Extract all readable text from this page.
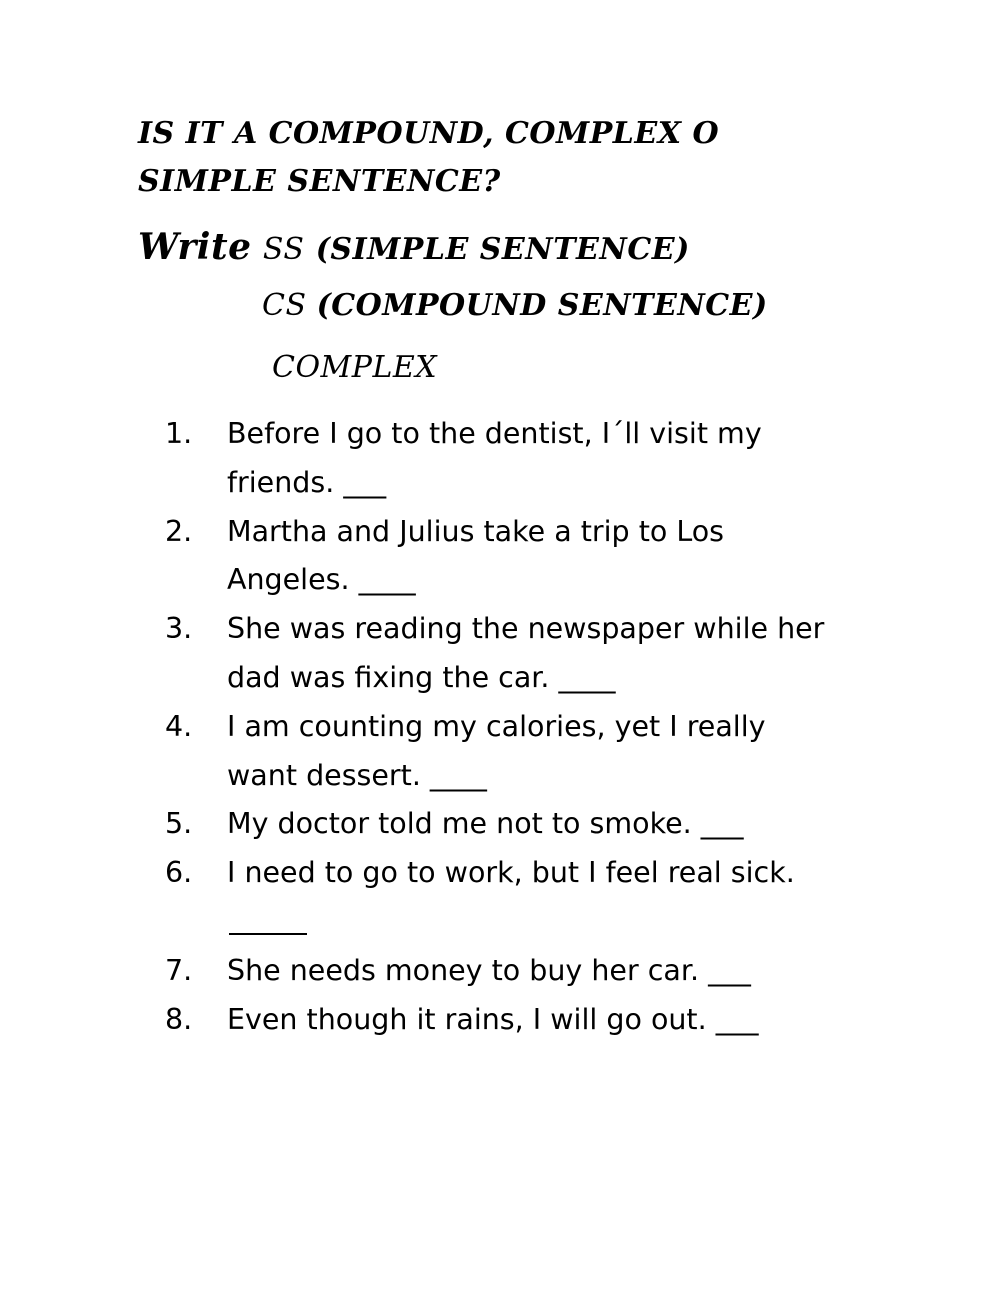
IS IT A COMPOUND, COMPLEX O
SIMPLE SENTENCE?
Write SS (SIMPLE SENTENCE)
CS (COMPOUND SENTENCE)
COMPLEX
1.	Before I go to the dentist, I´ll visit my
friends. ___
2.	Martha and Julius take a trip to Los
Angeles. ____
3.	She was reading the newspaper while her
dad was fixing the car. ____
4.	I am counting my calories, yet I really
want dessert. ____
5.	My doctor told me not to smoke. ___
6.	I need to go to work, but I feel real sick.
7.	She needs money to buy her car. ___
8.	Even though it rains, I will go out. ___
